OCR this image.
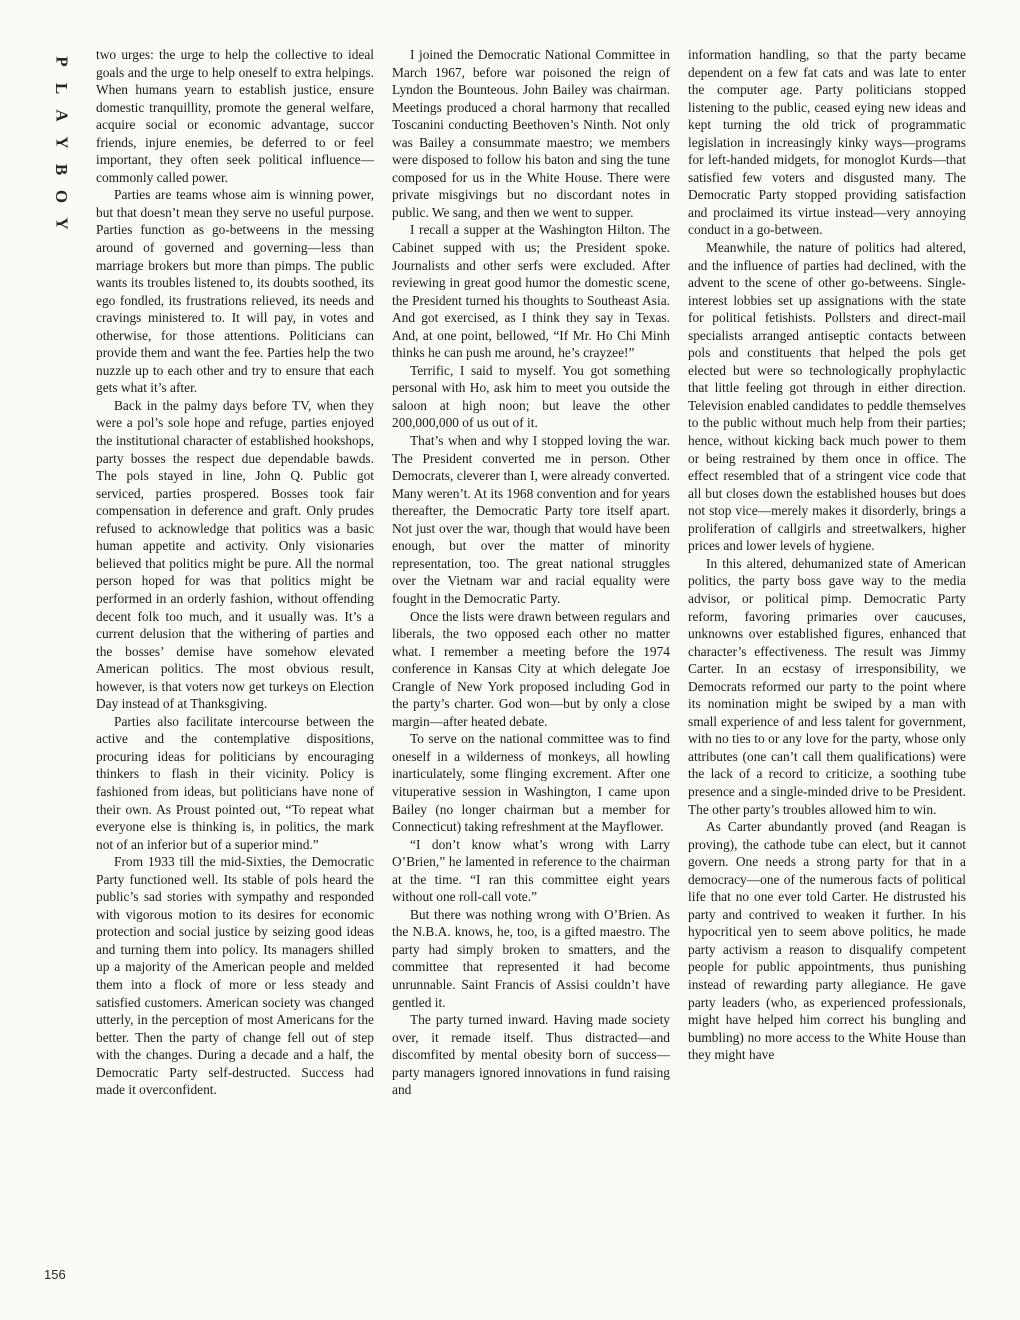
P
L
A
Y
B
O
Y

two urges: the urge to help the collective to ideal goals and the urge to help oneself to extra helpings. When humans yearn to establish justice, ensure domestic tranquillity, promote the general welfare, acquire social or economic advantage, succor friends, injure enemies, be deferred to or feel important, they often seek political influence—commonly called power.

Parties are teams whose aim is winning power, but that doesn’t mean they serve no useful purpose. Parties function as go-betweens in the messing around of governed and governing—less than marriage brokers but more than pimps. The public wants its troubles listened to, its doubts soothed, its ego fondled, its frustrations relieved, its needs and cravings ministered to. It will pay, in votes and otherwise, for those attentions. Politicians can provide them and want the fee. Parties help the two nuzzle up to each other and try to ensure that each gets what it’s after.

Back in the palmy days before TV, when they were a pol’s sole hope and refuge, parties enjoyed the institutional character of established hookshops, party bosses the respect due dependable bawds. The pols stayed in line, John Q. Public got serviced, parties prospered. Bosses took fair compensation in deference and graft. Only prudes refused to acknowledge that politics was a basic human appetite and activity. Only visionaries believed that politics might be pure. All the normal person hoped for was that politics might be performed in an orderly fashion, without offending decent folk too much, and it usually was. It’s a current delusion that the withering of parties and the bosses’ demise have somehow elevated American politics. The most obvious result, however, is that voters now get turkeys on Election Day instead of at Thanksgiving.

Parties also facilitate intercourse between the active and the contemplative dispositions, procuring ideas for politicians by encouraging thinkers to flash in their vicinity. Policy is fashioned from ideas, but politicians have none of their own. As Proust pointed out, “To repeat what everyone else is thinking is, in politics, the mark not of an inferior but of a superior mind.”

From 1933 till the mid-Sixties, the Democratic Party functioned well. Its stable of pols heard the public’s sad stories with sympathy and responded with vigorous motion to its desires for economic protection and social justice by seizing good ideas and turning them into policy. Its managers shilled up a majority of the American people and melded them into a flock of more or less steady and satisfied customers. American society was changed utterly, in the perception of most Americans for the better. Then the party of change fell out of step with the changes. During a decade and a half, the Democratic Party self-destructed. Success had made it overconfident.

I joined the Democratic National Committee in March 1967, before war poisoned the reign of Lyndon the Bounteous. John Bailey was chairman. Meetings produced a choral harmony that recalled Toscanini conducting Beethoven’s Ninth. Not only was Bailey a consummate maestro; we members were disposed to follow his baton and sing the tune composed for us in the White House. There were private misgivings but no discordant notes in public. We sang, and then we went to supper.

I recall a supper at the Washington Hilton. The Cabinet supped with us; the President spoke. Journalists and other serfs were excluded. After reviewing in great good humor the domestic scene, the President turned his thoughts to Southeast Asia. And got exercised, as I think they say in Texas. And, at one point, bellowed, “If Mr. Ho Chi Minh thinks he can push me around, he’s crayzee!”

Terrific, I said to myself. You got something personal with Ho, ask him to meet you outside the saloon at high noon; but leave the other 200,000,000 of us out of it.

That’s when and why I stopped loving the war. The President converted me in person. Other Democrats, cleverer than I, were already converted. Many weren’t. At its 1968 convention and for years thereafter, the Democratic Party tore itself apart. Not just over the war, though that would have been enough, but over the matter of minority representation, too. The great national struggles over the Vietnam war and racial equality were fought in the Democratic Party.

Once the lists were drawn between regulars and liberals, the two opposed each other no matter what. I remember a meeting before the 1974 conference in Kansas City at which delegate Joe Crangle of New York proposed including God in the party’s charter. God won—but by only a close margin—after heated debate.

To serve on the national committee was to find oneself in a wilderness of monkeys, all howling inarticulately, some flinging excrement. After one vituperative session in Washington, I came upon Bailey (no longer chairman but a member for Connecticut) taking refreshment at the Mayflower.

“I don’t know what’s wrong with Larry O’Brien,” he lamented in reference to the chairman at the time. “I ran this committee eight years without one roll-call vote.”

But there was nothing wrong with O’Brien. As the N.B.A. knows, he, too, is a gifted maestro. The party had simply broken to smatters, and the committee that represented it had become unrunnable. Saint Francis of Assisi couldn’t have gentled it.

The party turned inward. Having made society over, it remade itself. Thus distracted—and discomfited by mental obesity born of success—party managers ignored innovations in fund raising and

information handling, so that the party became dependent on a few fat cats and was late to enter the computer age. Party politicians stopped listening to the public, ceased eying new ideas and kept turning the old trick of programmatic legislation in increasingly kinky ways—programs for left-handed midgets, for monoglot Kurds—that satisfied few voters and disgusted many. The Democratic Party stopped providing satisfaction and proclaimed its virtue instead—very annoying conduct in a go-between.

Meanwhile, the nature of politics had altered, and the influence of parties had declined, with the advent to the scene of other go-betweens. Single-interest lobbies set up assignations with the state for political fetishists. Pollsters and direct-mail specialists arranged antiseptic contacts between pols and constituents that helped the pols get elected but were so technologically prophylactic that little feeling got through in either direction. Television enabled candidates to peddle themselves to the public without much help from their parties; hence, without kicking back much power to them or being restrained by them once in office. The effect resembled that of a stringent vice code that all but closes down the established houses but does not stop vice—merely makes it disorderly, brings a proliferation of callgirls and streetwalkers, higher prices and lower levels of hygiene.

In this altered, dehumanized state of American politics, the party boss gave way to the media advisor, or political pimp. Democratic Party reform, favoring primaries over caucuses, unknowns over established figures, enhanced that character’s effectiveness. The result was Jimmy Carter. In an ecstasy of irresponsibility, we Democrats reformed our party to the point where its nomination might be swiped by a man with small experience of and less talent for government, with no ties to or any love for the party, whose only attributes (one can’t call them qualifications) were the lack of a record to criticize, a soothing tube presence and a single-minded drive to be President. The other party’s troubles allowed him to win.

As Carter abundantly proved (and Reagan is proving), the cathode tube can elect, but it cannot govern. One needs a strong party for that in a democracy—one of the numerous facts of political life that no one ever told Carter. He distrusted his party and contrived to weaken it further. In his hypocritical yen to seem above politics, he made party activism a reason to disqualify competent people for public appointments, thus punishing instead of rewarding party allegiance. He gave party leaders (who, as experienced professionals, might have helped him correct his bungling and bumbling) no more access to the White House than they might have

156
